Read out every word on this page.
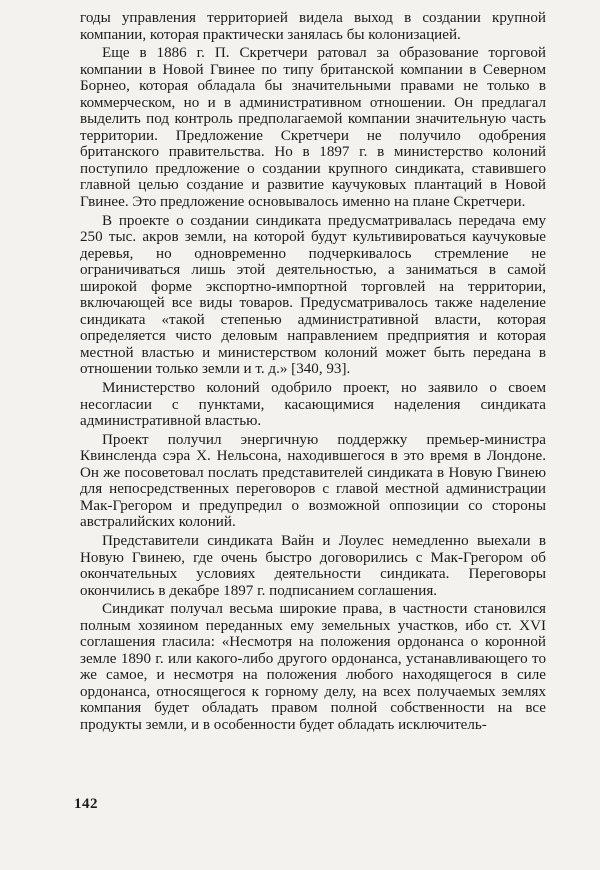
годы управления территорией видела выход в создании крупной компании, которая практически занялась бы колонизацией.

Еще в 1886 г. П. Скретчери ратовал за образование торговой компании в Новой Гвинее по типу британской компании в Северном Борнео, которая обладала бы значительными правами не только в коммерческом, но и в административном отношении. Он предлагал выделить под контроль предполагаемой компании значительную часть территории. Предложение Скретчери не получило одобрения британского правительства. Но в 1897 г. в министерство колоний поступило предложение о создании крупного синдиката, ставившего главной целью создание и развитие каучуковых плантаций в Новой Гвинее. Это предложение основывалось именно на плане Скретчери.

В проекте о создании синдиката предусматривалась передача ему 250 тыс. акров земли, на которой будут культивироваться каучуковые деревья, но одновременно подчеркивалось стремление не ограничиваться лишь этой деятельностью, а заниматься в самой широкой форме экспортно-импортной торговлей на территории, включающей все виды товаров. Предусматривалось также наделение синдиката «такой степенью административной власти, которая определяется чисто деловым направлением предприятия и которая местной властью и министерством колоний может быть передана в отношении только земли и т. д.» [340, 93].

Министерство колоний одобрило проект, но заявило о своем несогласии с пунктами, касающимися наделения синдиката административной властью.

Проект получил энергичную поддержку премьер-министра Квинсленда сэра Х. Нельсона, находившегося в это время в Лондоне. Он же посоветовал послать представителей синдиката в Новую Гвинею для непосредственных переговоров с главой местной администрации Мак-Грегором и предупредил о возможной оппозиции со стороны австралийских колоний.

Представители синдиката Вайн и Лоулес немедленно выехали в Новую Гвинею, где очень быстро договорились с Мак-Грегором об окончательных условиях деятельности синдиката. Переговоры окончились в декабре 1897 г. подписанием соглашения.

Синдикат получал весьма широкие права, в частности становился полным хозяином переданных ему земельных участков, ибо ст. XVI соглашения гласила: «Несмотря на положения ордонанса о коронной земле 1890 г. или какого-либо другого ордонанса, устанавливающего то же самое, и несмотря на положения любого находящегося в силе ордонанса, относящегося к горному делу, на всех получаемых землях компания будет обладать правом полной собственности на все продукты земли, и в особенности будет обладать исключитель-

142
